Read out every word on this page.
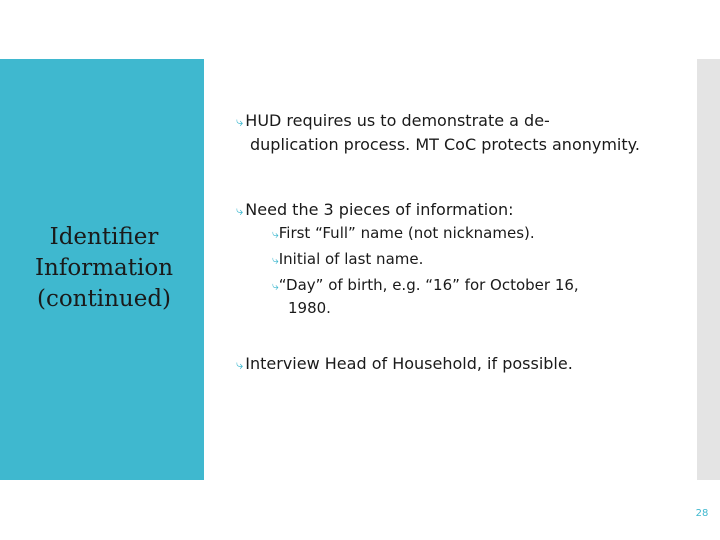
Identifier
Information
(continued)
⤷ HUD requires us to demonstrate a de-
duplication process. MT CoC protects anonymity.
⤷ Need the 3 pieces of information:
⤷First “Full” name (not nicknames).
⤷Initial of last name.
⤷“Day” of birth, e.g. “16” for October 16,
1980.
⤷ Interview Head of Household, if possible.
28
